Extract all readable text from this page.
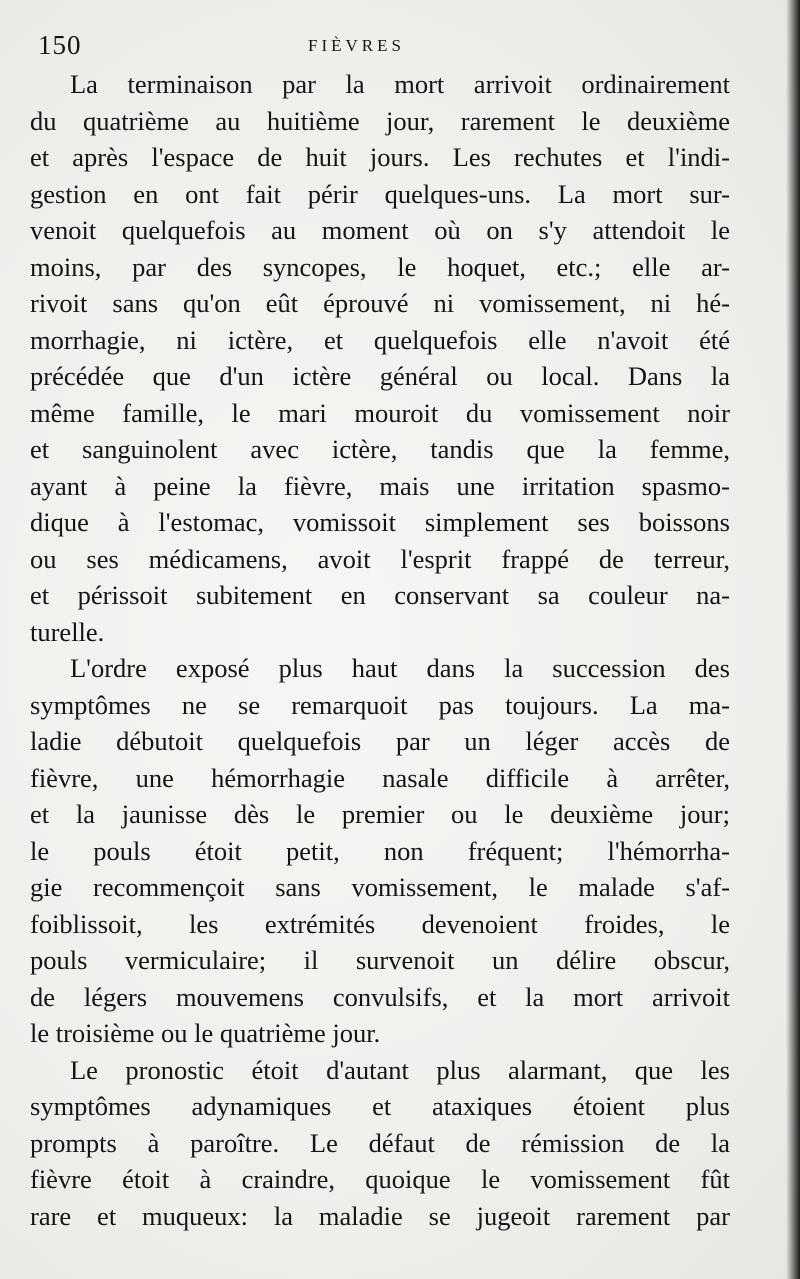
150	FIÈVRES
La terminaison par la mort arrivoit ordinairement
du quatrième au huitième jour, rarement le deuxième
et après l'espace de huit jours. Les rechutes et l'indi-
gestion en ont fait périr quelques-uns. La mort sur-
venoit quelquefois au moment où on s'y attendoit le
moins, par des syncopes, le hoquet, etc.; elle ar-
rivoit sans qu'on eût éprouvé ni vomissement, ni hé-
morrhagie, ni ictère, et quelquefois elle n'avoit été
précédée que d'un ictère général ou local. Dans la
même famille, le mari mouroit du vomissement noir
et sanguinolent avec ictère, tandis que la femme,
ayant à peine la fièvre, mais une irritation spasmo-
dique à l'estomac, vomissoit simplement ses boissons
ou ses médicamens, avoit l'esprit frappé de terreur,
et périssoit subitement en conservant sa couleur na-
turelle.
L'ordre exposé plus haut dans la succession des
symptômes ne se remarquoit pas toujours. La ma-
ladie débutoit quelquefois par un léger accès de
fièvre, une hémorrhagie nasale difficile à arrêter,
et la jaunisse dès le premier ou le deuxième jour;
le pouls étoit petit, non fréquent; l'hémorrha-
gie recommençoit sans vomissement, le malade s'af-
foiblissoit, les extrémités devenoient froides, le
pouls vermiculaire; il survenoit un délire obscur,
de légers mouvemens convulsifs, et la mort arrivoit
le troisième ou le quatrième jour.
Le pronostic étoit d'autant plus alarmant, que les
symptômes adynamiques et ataxiques étoient plus
prompts à paroître. Le défaut de rémission de la
fièvre étoit à craindre, quoique le vomissement fût
rare et muqueux: la maladie se jugeoit rarement par
